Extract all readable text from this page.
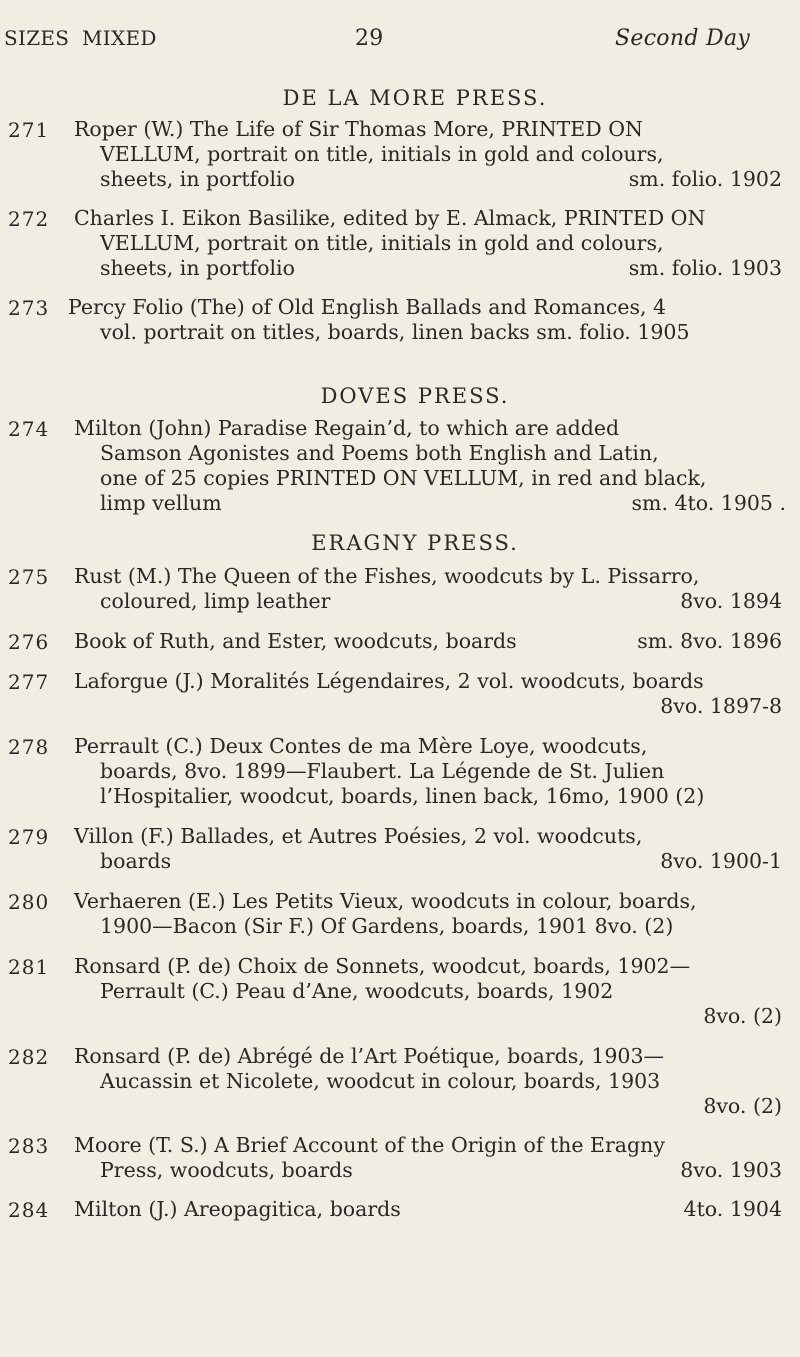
SIZES MIXED	29	Second Day
DE LA MORE PRESS.
271	Roper (W.) The Life of Sir Thomas More, PRINTED ON
VELLUM, portrait on title, initials in gold and colours,
sheets, in portfolio	sm. folio. 1902
272	Charles I. Eikon Basilike, edited by E. Almack, PRINTED ON
VELLUM, portrait on title, initials in gold and colours,
sheets, in portfolio	sm. folio. 1903
273 Percy Folio (The) of Old English Ballads and Romances, 4
vol. portrait on titles, boards, linen backs sm. folio. 1905
DOVES PRESS.
274	Milton (John) Paradise Regain’d, to which are added
Samson Agonistes and Poems both English and Latin,
one of 25 copies PRINTED ON VELLUM, in red and black,
limp vellum	sm. 4to. 1905 .
ERAGNY PRESS.
275	Rust (M.) The Queen of the Fishes, woodcuts by L. Pissarro,
coloured, limp leather	8vo. 1894
276	Book of Ruth, and Ester, woodcuts, boards	sm. 8vo. 1896
277	Laforgue (J.) Moralités Légendaires, 2 vol. woodcuts, boards
8vo. 1897-8
278	Perrault (C.) Deux Contes de ma Mère Loye, woodcuts,
boards, 8vo. 1899—Flaubert. La Légende de St. Julien
l’Hospitalier, woodcut, boards, linen back, 16mo, 1900 (2)
279	Villon (F.) Ballades, et Autres Poésies, 2 vol. woodcuts,
boards	8vo. 1900-1
280	Verhaeren (E.) Les Petits Vieux, woodcuts in colour, boards,
1900—Bacon (Sir F.) Of Gardens, boards, 1901 8vo. (2)
281	Ronsard (P. de) Choix de Sonnets, woodcut, boards, 1902—
Perrault (C.) Peau d’Ane, woodcuts, boards, 1902
8vo. (2)
282	Ronsard (P. de) Abrégé de l’Art Poétique, boards, 1903—
Aucassin et Nicolete, woodcut in colour, boards, 1903
8vo. (2)
283	Moore (T. S.) A Brief Account of the Origin of the Eragny
Press, woodcuts, boards	8vo. 1903
284	Milton (J.) Areopagitica, boards	4to. 1904
